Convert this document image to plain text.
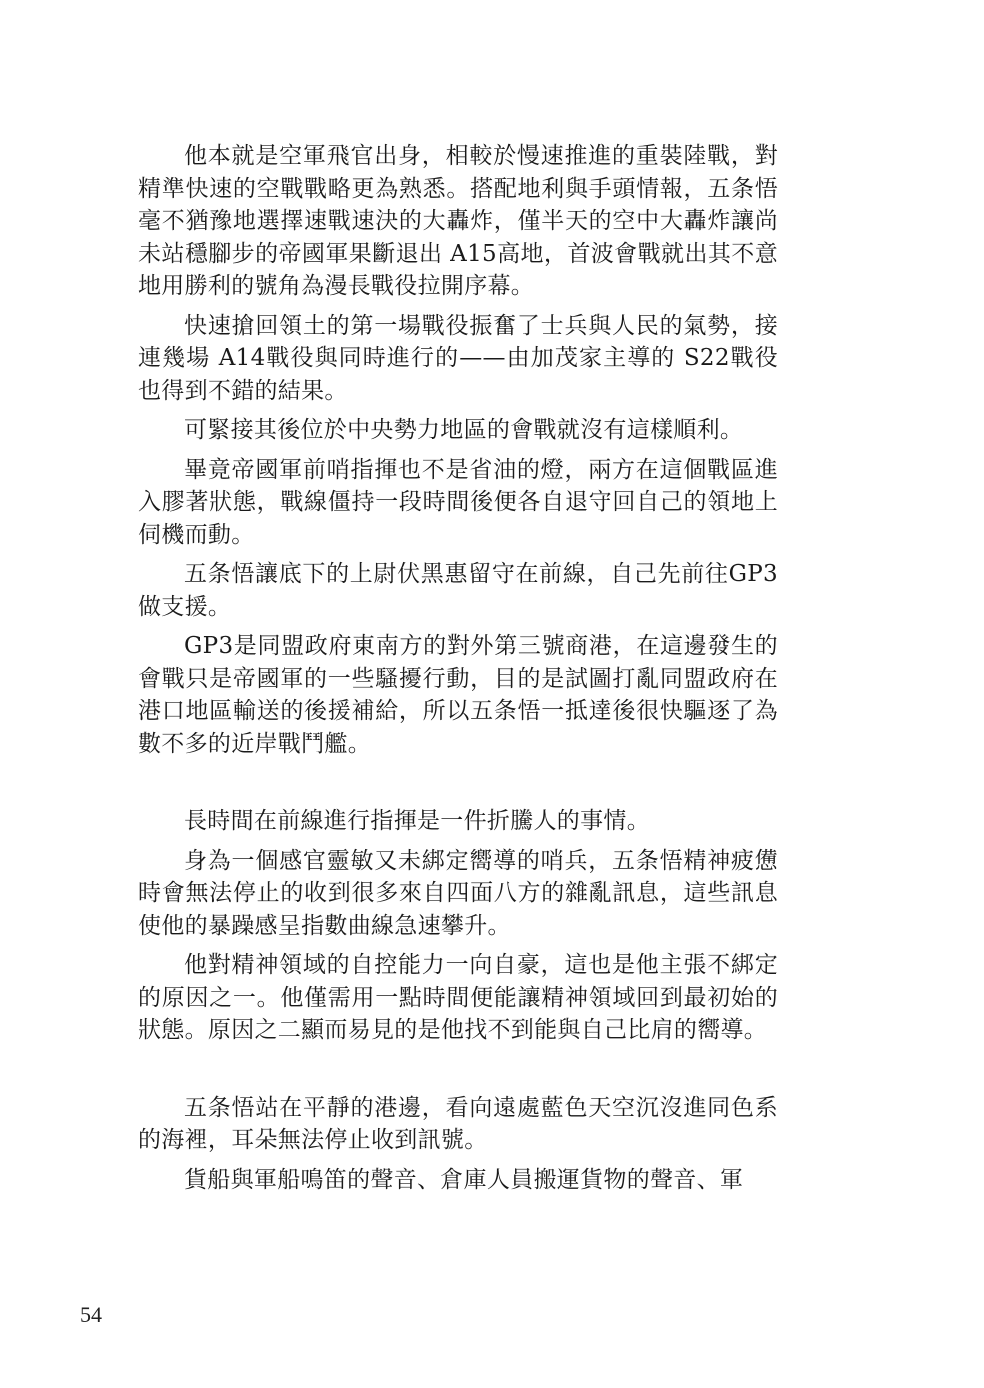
他本就是空軍飛官出身，相較於慢速推進的重裝陸戰，對精準快速的空戰戰略更為熟悉。搭配地利與手頭情報，五条悟毫不猶豫地選擇速戰速決的大轟炸，僅半天的空中大轟炸讓尚未站穩腳步的帝國軍果斷退出 A15高地，首波會戰就出其不意地用勝利的號角為漫長戰役拉開序幕。

快速搶回領土的第一場戰役振奮了士兵與人民的氣勢，接連幾場 A14戰役與同時進行的——由加茂家主導的 S22戰役也得到不錯的結果。

可緊接其後位於中央勢力地區的會戰就沒有這樣順利。

畢竟帝國軍前哨指揮也不是省油的燈，兩方在這個戰區進入膠著狀態，戰線僵持一段時間後便各自退守回自己的領地上伺機而動。

五条悟讓底下的上尉伏黑惠留守在前線，自己先前往GP3做支援。

GP3是同盟政府東南方的對外第三號商港，在這邊發生的會戰只是帝國軍的一些騷擾行動，目的是試圖打亂同盟政府在港口地區輸送的後援補給，所以五条悟一抵達後很快驅逐了為數不多的近岸戰鬥艦。

長時間在前線進行指揮是一件折騰人的事情。

身為一個感官靈敏又未綁定嚮導的哨兵，五条悟精神疲憊時會無法停止的收到很多來自四面八方的雜亂訊息，這些訊息使他的暴躁感呈指數曲線急速攀升。

他對精神領域的自控能力一向自豪，這也是他主張不綁定的原因之一。他僅需用一點時間便能讓精神領域回到最初始的狀態。原因之二顯而易見的是他找不到能與自己比肩的嚮導。

五条悟站在平靜的港邊，看向遠處藍色天空沉沒進同色系的海裡，耳朵無法停止收到訊號。

貨船與軍船鳴笛的聲音、倉庫人員搬運貨物的聲音、軍

54
